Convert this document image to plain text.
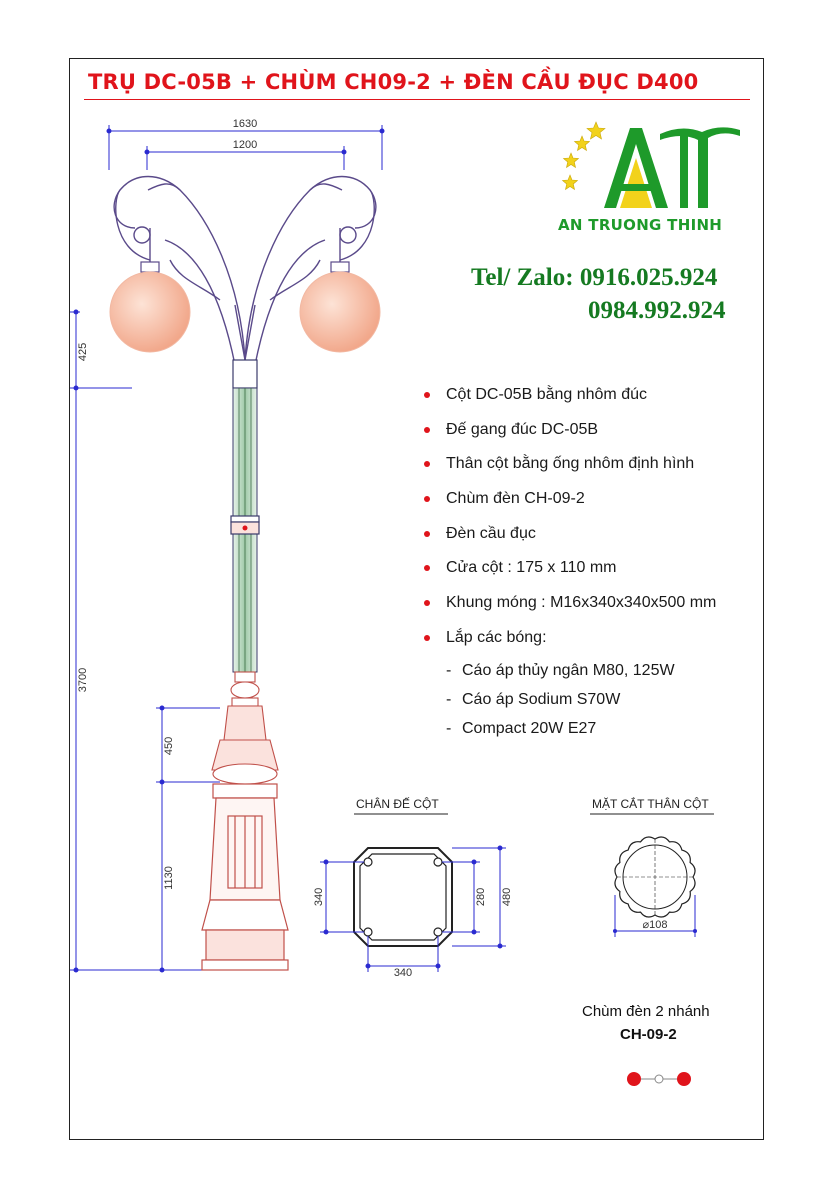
TRỤ DC-05B + CHÙM CH09-2 + ĐÈN CẦU ĐỤC D400
AN TRUONG THINH
Tel/ Zalo: 0916.025.924
0984.992.924
1630
1200
425
3700
450
1130
Cột DC-05B bằng nhôm đúc
Đế gang đúc DC-05B
Thân cột bằng ống nhôm định hình
Chùm đèn CH-09-2
Đèn cầu đục
Cửa cột : 175 x 110 mm
Khung móng : M16x340x340x500 mm
Lắp các bóng:
- Cáo áp thủy ngân M80, 125W
- Cáo áp Sodium S70W
- Compact 20W E27
CHÂN ĐẾ CỘT
340	280 480
340
MẶT CẮT THÂN CỘT
⌀108
Chùm đèn 2 nhánh
CH-09-2
